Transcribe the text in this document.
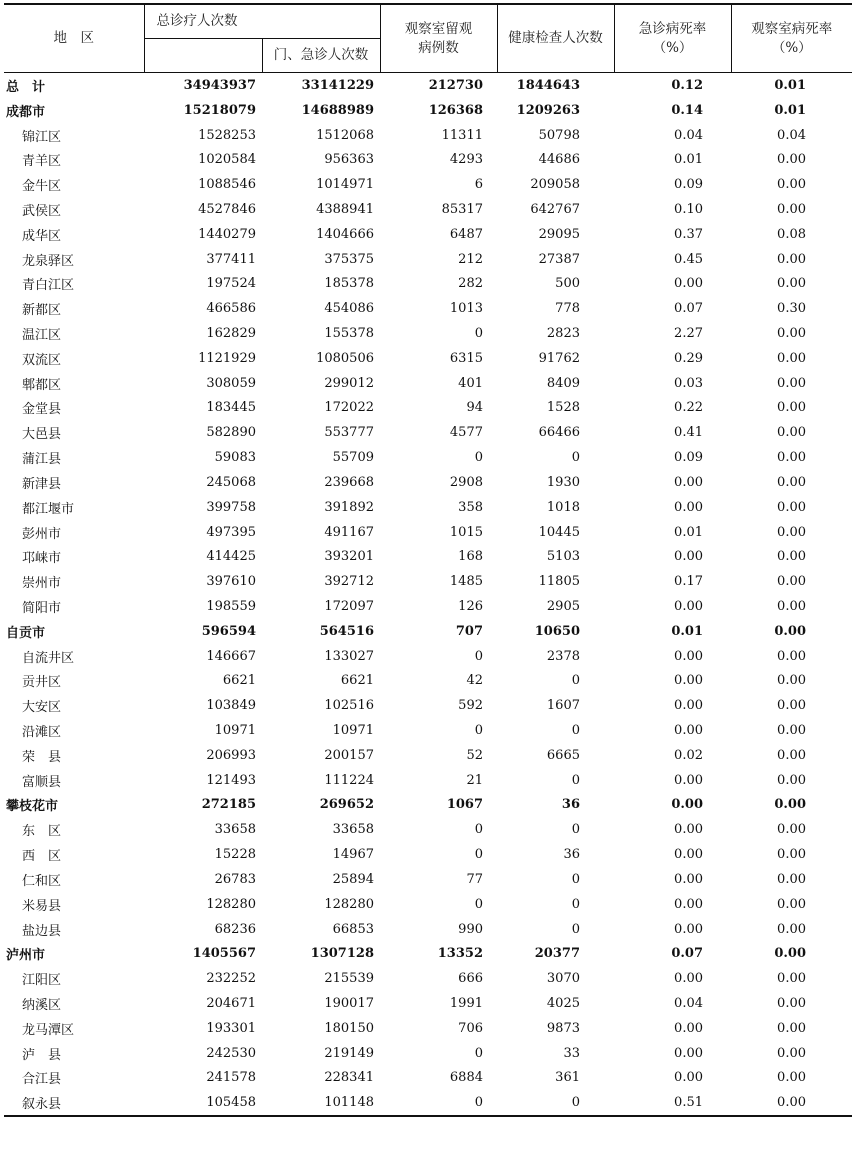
地　区	总诊疗人次数		观察室留观病例数	健康检查人次数	急诊病死率（%）	观察室病死率（%）
		门、急诊人次数				
总　计	34943937	33141229	212730	1844643	0.12	0.01
成都市	15218079	14688989	126368	1209263	0.14	0.01
锦江区	1528253	1512068	11311	50798	0.04	0.04
青羊区	1020584	956363	4293	44686	0.01	0.00
金牛区	1088546	1014971	6	209058	0.09	0.00
武侯区	4527846	4388941	85317	642767	0.10	0.00
成华区	1440279	1404666	6487	29095	0.37	0.08
龙泉驿区	377411	375375	212	27387	0.45	0.00
青白江区	197524	185378	282	500	0.00	0.00
新都区	466586	454086	1013	778	0.07	0.30
温江区	162829	155378	0	2823	2.27	0.00
双流区	1121929	1080506	6315	91762	0.29	0.00
郫都区	308059	299012	401	8409	0.03	0.00
金堂县	183445	172022	94	1528	0.22	0.00
大邑县	582890	553777	4577	66466	0.41	0.00
蒲江县	59083	55709	0	0	0.09	0.00
新津县	245068	239668	2908	1930	0.00	0.00
都江堰市	399758	391892	358	1018	0.00	0.00
彭州市	497395	491167	1015	10445	0.01	0.00
邛崃市	414425	393201	168	5103	0.00	0.00
崇州市	397610	392712	1485	11805	0.17	0.00
简阳市	198559	172097	126	2905	0.00	0.00
自贡市	596594	564516	707	10650	0.01	0.00
自流井区	146667	133027	0	2378	0.00	0.00
贡井区	6621	6621	42	0	0.00	0.00
大安区	103849	102516	592	1607	0.00	0.00
沿滩区	10971	10971	0	0	0.00	0.00
荣　县	206993	200157	52	6665	0.02	0.00
富顺县	121493	111224	21	0	0.00	0.00
攀枝花市	272185	269652	1067	36	0.00	0.00
东　区	33658	33658	0	0	0.00	0.00
西　区	15228	14967	0	36	0.00	0.00
仁和区	26783	25894	77	0	0.00	0.00
米易县	128280	128280	0	0	0.00	0.00
盐边县	68236	66853	990	0	0.00	0.00
泸州市	1405567	1307128	13352	20377	0.07	0.00
江阳区	232252	215539	666	3070	0.00	0.00
纳溪区	204671	190017	1991	4025	0.04	0.00
龙马潭区	193301	180150	706	9873	0.00	0.00
泸　县	242530	219149	0	33	0.00	0.00
合江县	241578	228341	6884	361	0.00	0.00
叙永县	105458	101148	0	0	0.51	0.00
